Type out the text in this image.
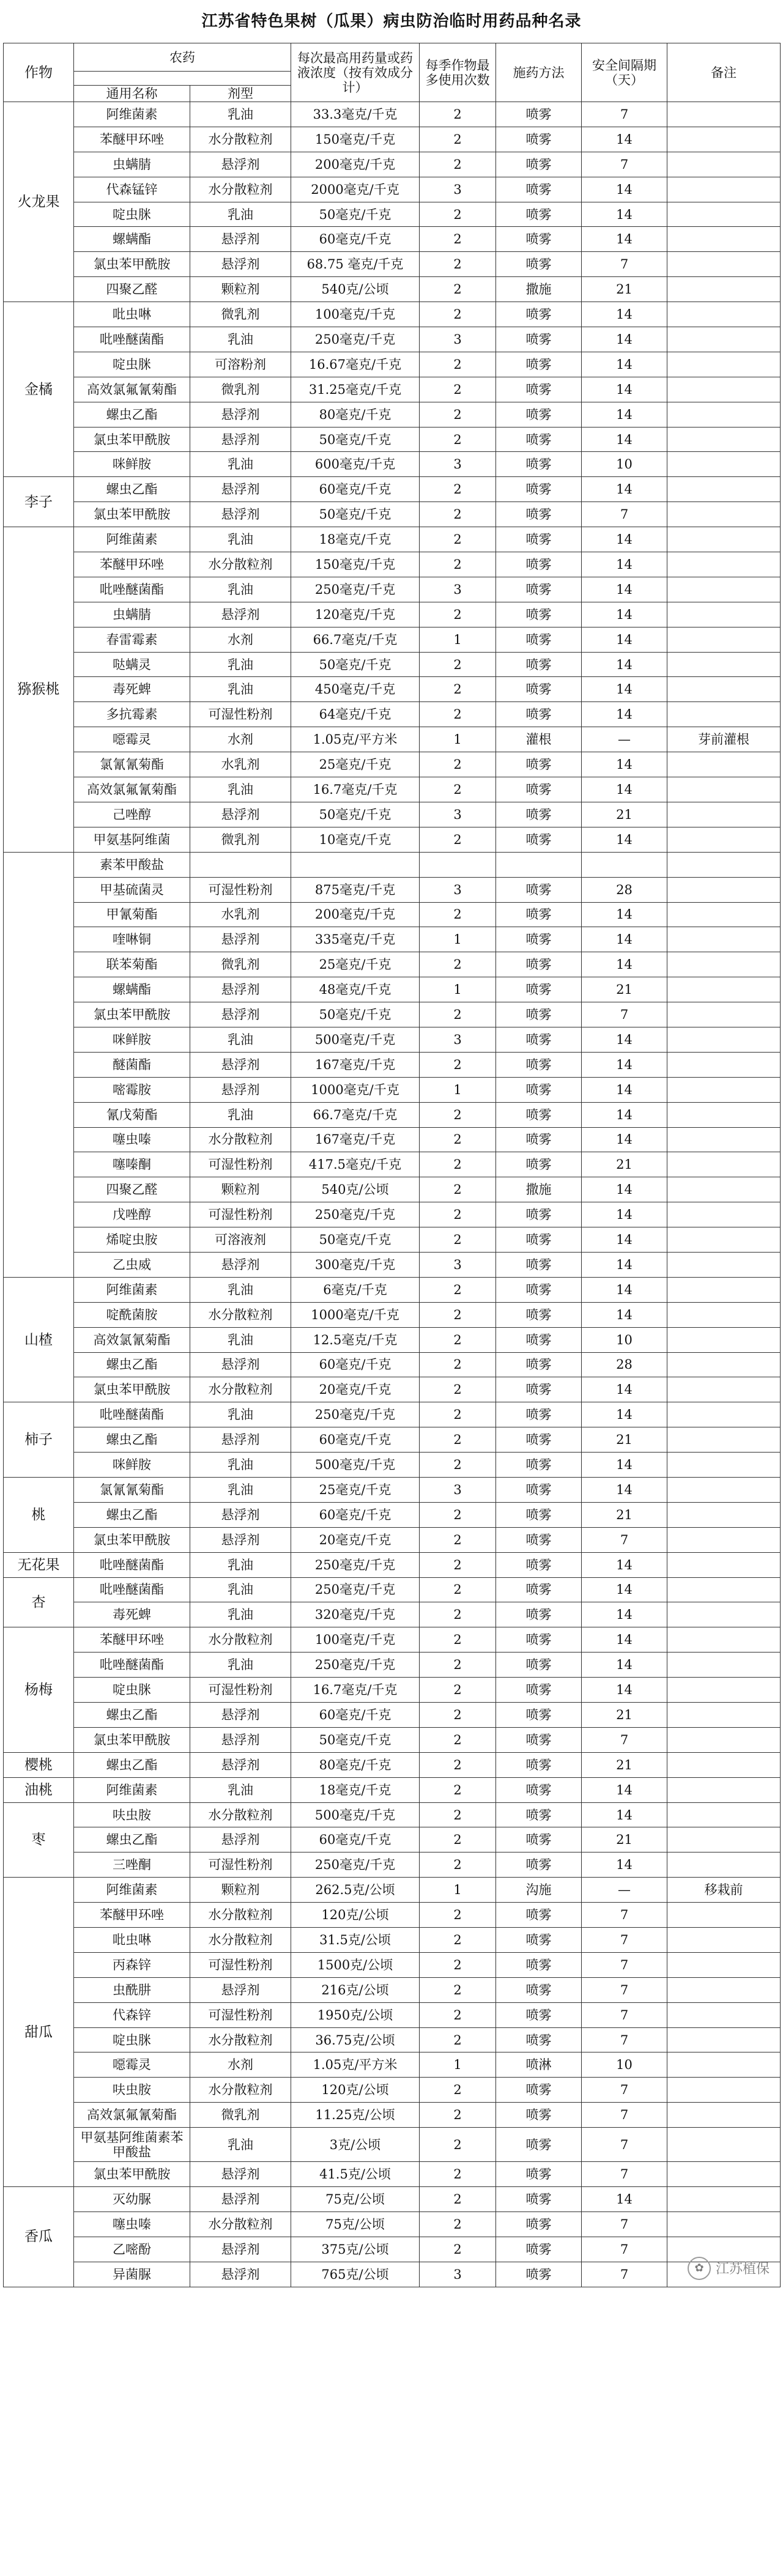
江苏省特色果树（瓜果）病虫防治临时用药品种名录
作物	农药		每次最高用药量或药液浓度（按有效成分计）	每季作物最多使用次数	施药方法	安全间隔期（天）	备注

	通用名称	剂型					
火龙果	阿维菌素	乳油	33.3毫克/千克	2	喷雾	7	
	苯醚甲环唑	水分散粒剂	150毫克/千克	2	喷雾	14	
	虫螨腈	悬浮剂	200毫克/千克	2	喷雾	7	
	代森锰锌	水分散粒剂	2000毫克/千克	3	喷雾	14	
	啶虫脒	乳油	50毫克/千克	2	喷雾	14	
	螺螨酯	悬浮剂	60毫克/千克	2	喷雾	14	
	氯虫苯甲酰胺	悬浮剂	68.75 毫克/千克	2	喷雾	7	
	四聚乙醛	颗粒剂	540克/公顷	2	撒施	21	
金橘	吡虫啉	微乳剂	100毫克/千克	2	喷雾	14	
	吡唑醚菌酯	乳油	250毫克/千克	3	喷雾	14	
	啶虫脒	可溶粉剂	16.67毫克/千克	2	喷雾	14	
	高效氯氟氰菊酯	微乳剂	31.25毫克/千克	2	喷雾	14	
	螺虫乙酯	悬浮剂	80毫克/千克	2	喷雾	14	
	氯虫苯甲酰胺	悬浮剂	50毫克/千克	2	喷雾	14	
	咪鲜胺	乳油	600毫克/千克	3	喷雾	10	
李子	螺虫乙酯	悬浮剂	60毫克/千克	2	喷雾	14	
	氯虫苯甲酰胺	悬浮剂	50毫克/千克	2	喷雾	7	
猕猴桃	阿维菌素	乳油	18毫克/千克	2	喷雾	14	
	苯醚甲环唑	水分散粒剂	150毫克/千克	2	喷雾	14	
	吡唑醚菌酯	乳油	250毫克/千克	3	喷雾	14	
	虫螨腈	悬浮剂	120毫克/千克	2	喷雾	14	
	春雷霉素	水剂	66.7毫克/千克	1	喷雾	14	
	哒螨灵	乳油	50毫克/千克	2	喷雾	14	
	毒死蜱	乳油	450毫克/千克	2	喷雾	14	
	多抗霉素	可湿性粉剂	64毫克/千克	2	喷雾	14	
	噁霉灵	水剂	1.05克/平方米	1	灌根	—	芽前灌根
	氯氰氰菊酯	水乳剂	25毫克/千克	2	喷雾	14	
	高效氯氟氰菊酯	乳油	16.7毫克/千克	2	喷雾	14	
	己唑醇	悬浮剂	50毫克/千克	3	喷雾	21	
	甲氨基阿维菌	微乳剂	10毫克/千克	2	喷雾	14	
	素苯甲酸盐						
	甲基硫菌灵	可湿性粉剂	875毫克/千克	3	喷雾	28	
	甲氰菊酯	水乳剂	200毫克/千克	2	喷雾	14	
	喹啉铜	悬浮剂	335毫克/千克	1	喷雾	14	
	联苯菊酯	微乳剂	25毫克/千克	2	喷雾	14	
	螺螨酯	悬浮剂	48毫克/千克	1	喷雾	21	
	氯虫苯甲酰胺	悬浮剂	50毫克/千克	2	喷雾	7	
	咪鲜胺	乳油	500毫克/千克	3	喷雾	14	
	醚菌酯	悬浮剂	167毫克/千克	2	喷雾	14	
	嘧霉胺	悬浮剂	1000毫克/千克	1	喷雾	14	
	氰戊菊酯	乳油	66.7毫克/千克	2	喷雾	14	
	噻虫嗪	水分散粒剂	167毫克/千克	2	喷雾	14	
	噻嗪酮	可湿性粉剂	417.5毫克/千克	2	喷雾	21	
	四聚乙醛	颗粒剂	540克/公顷	2	撒施	14	
	戊唑醇	可湿性粉剂	250毫克/千克	2	喷雾	14	
	烯啶虫胺	可溶液剂	50毫克/千克	2	喷雾	14	
	乙虫威	悬浮剂	300毫克/千克	3	喷雾	14	
山楂	阿维菌素	乳油	6毫克/千克	2	喷雾	14	
	啶酰菌胺	水分散粒剂	1000毫克/千克	2	喷雾	14	
	高效氯氰菊酯	乳油	12.5毫克/千克	2	喷雾	10	
	螺虫乙酯	悬浮剂	60毫克/千克	2	喷雾	28	
	氯虫苯甲酰胺	水分散粒剂	20毫克/千克	2	喷雾	14	
柿子	吡唑醚菌酯	乳油	250毫克/千克	2	喷雾	14	
	螺虫乙酯	悬浮剂	60毫克/千克	2	喷雾	21	
	咪鲜胺	乳油	500毫克/千克	2	喷雾	14	
桃	氯氰氰菊酯	乳油	25毫克/千克	3	喷雾	14	
	螺虫乙酯	悬浮剂	60毫克/千克	2	喷雾	21	
	氯虫苯甲酰胺	悬浮剂	20毫克/千克	2	喷雾	7	
无花果	吡唑醚菌酯	乳油	250毫克/千克	2	喷雾	14	
杏	吡唑醚菌酯	乳油	250毫克/千克	2	喷雾	14	
	毒死蜱	乳油	320毫克/千克	2	喷雾	14	
杨梅	苯醚甲环唑	水分散粒剂	100毫克/千克	2	喷雾	14	
	吡唑醚菌酯	乳油	250毫克/千克	2	喷雾	14	
	啶虫脒	可湿性粉剂	16.7毫克/千克	2	喷雾	14	
	螺虫乙酯	悬浮剂	60毫克/千克	2	喷雾	21	
	氯虫苯甲酰胺	悬浮剂	50毫克/千克	2	喷雾	7	
樱桃	螺虫乙酯	悬浮剂	80毫克/千克	2	喷雾	21	
油桃	阿维菌素	乳油	18毫克/千克	2	喷雾	14	
枣	呋虫胺	水分散粒剂	500毫克/千克	2	喷雾	14	
	螺虫乙酯	悬浮剂	60毫克/千克	2	喷雾	21	
	三唑酮	可湿性粉剂	250毫克/千克	2	喷雾	14	
甜瓜	阿维菌素	颗粒剂	262.5克/公顷	1	沟施	—	移栽前
	苯醚甲环唑	水分散粒剂	120克/公顷	2	喷雾	7	
	吡虫啉	水分散粒剂	31.5克/公顷	2	喷雾	7	
	丙森锌	可湿性粉剂	1500克/公顷	2	喷雾	7	
	虫酰肼	悬浮剂	216克/公顷	2	喷雾	7	
	代森锌	可湿性粉剂	1950克/公顷	2	喷雾	7	
	啶虫脒	水分散粒剂	36.75克/公顷	2	喷雾	7	
	噁霉灵	水剂	1.05克/平方米	1	喷淋	10	
	呋虫胺	水分散粒剂	120克/公顷	2	喷雾	7	
	高效氯氟氰菊酯	微乳剂	11.25克/公顷	2	喷雾	7	
	甲氨基阿维菌素苯甲酸盐	乳油	3克/公顷	2	喷雾	7	
	氯虫苯甲酰胺	悬浮剂	41.5克/公顷	2	喷雾	7	
香瓜	灭幼脲	悬浮剂	75克/公顷	2	喷雾	14	
	噻虫嗪	水分散粒剂	75克/公顷	2	喷雾	7	
	乙嘧酚	悬浮剂	375克/公顷	2	喷雾	7	
	异菌脲	悬浮剂	765克/公顷	3	喷雾	7		✿ 江苏植保
